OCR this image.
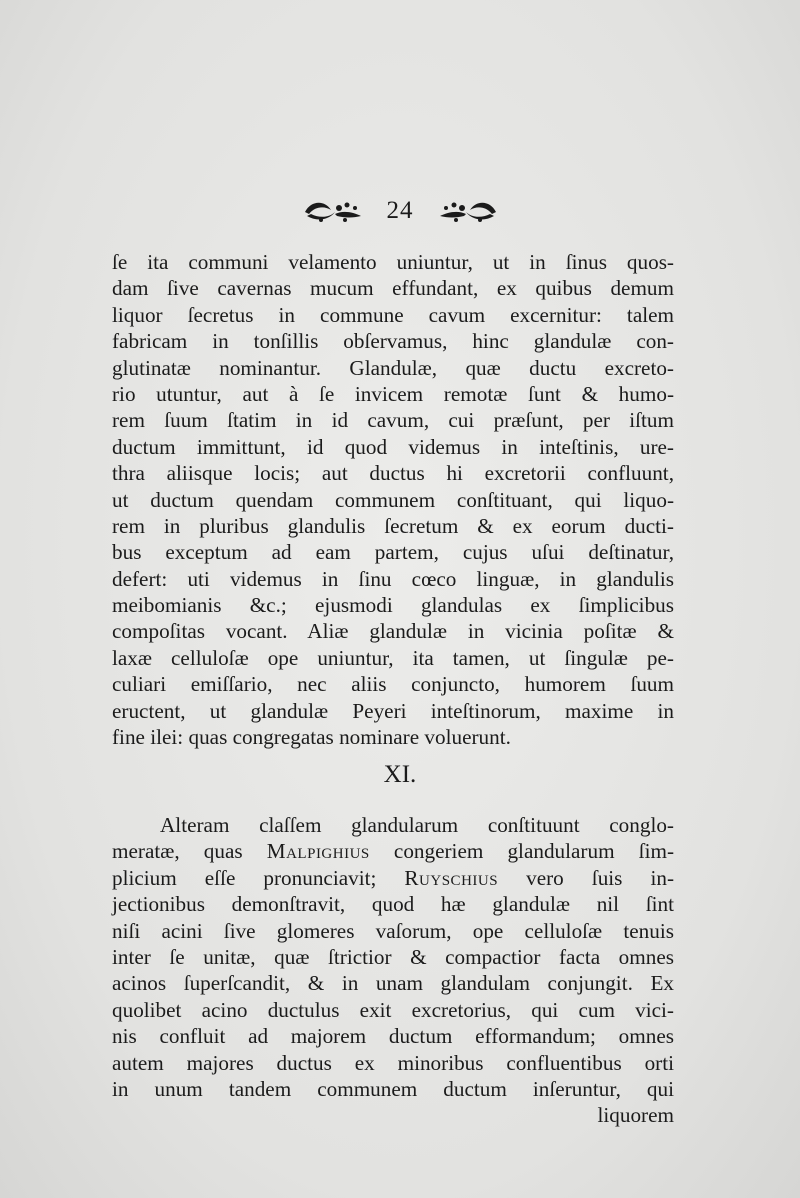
24
ſe ita communi velamento uniuntur, ut in ſinus quos-
dam ſive cavernas mucum effundant, ex quibus demum
liquor ſecretus in commune cavum excernitur: talem
fabricam in tonſillis obſervamus, hinc glandulæ con-
glutinatæ nominantur. Glandulæ, quæ ductu excreto-
rio utuntur, aut à ſe invicem remotæ ſunt & humo-
rem ſuum ſtatim in id cavum, cui præſunt, per iſtum
ductum immittunt, id quod videmus in inteſtinis, ure-
thra aliisque locis; aut ductus hi excretorii confluunt,
ut ductum quendam communem conſtituant, qui liquo-
rem in pluribus glandulis ſecretum & ex eorum ducti-
bus exceptum ad eam partem, cujus uſui deſtinatur,
defert: uti videmus in ſinu cœco linguæ, in glandulis
meibomianis &c.; ejusmodi glandulas ex ſimplicibus
compoſitas vocant. Aliæ glandulæ in vicinia poſitæ &
laxæ celluloſæ ope uniuntur, ita tamen, ut ſingulæ pe-
culiari emiſſario, nec aliis conjuncto, humorem ſuum
eructent, ut glandulæ Peyeri inteſtinorum, maxime in
fine ilei: quas congregatas nominare voluerunt.
XI.
Alteram claſſem glandularum conſtituunt conglo-
meratæ, quas Malpighius congeriem glandularum ſim-
plicium eſſe pronunciavit; Ruyschius vero ſuis in-
jectionibus demonſtravit, quod hæ glandulæ nil ſint
niſi acini ſive glomeres vaſorum, ope celluloſæ tenuis
inter ſe unitæ, quæ ſtrictior & compactior facta omnes
acinos ſuperſcandit, & in unam glandulam conjungit. Ex
quolibet acino ductulus exit excretorius, qui cum vici-
nis confluit ad majorem ductum efformandum; omnes
autem majores ductus ex minoribus confluentibus orti
in unum tandem communem ductum inſeruntur, qui
liquorem
